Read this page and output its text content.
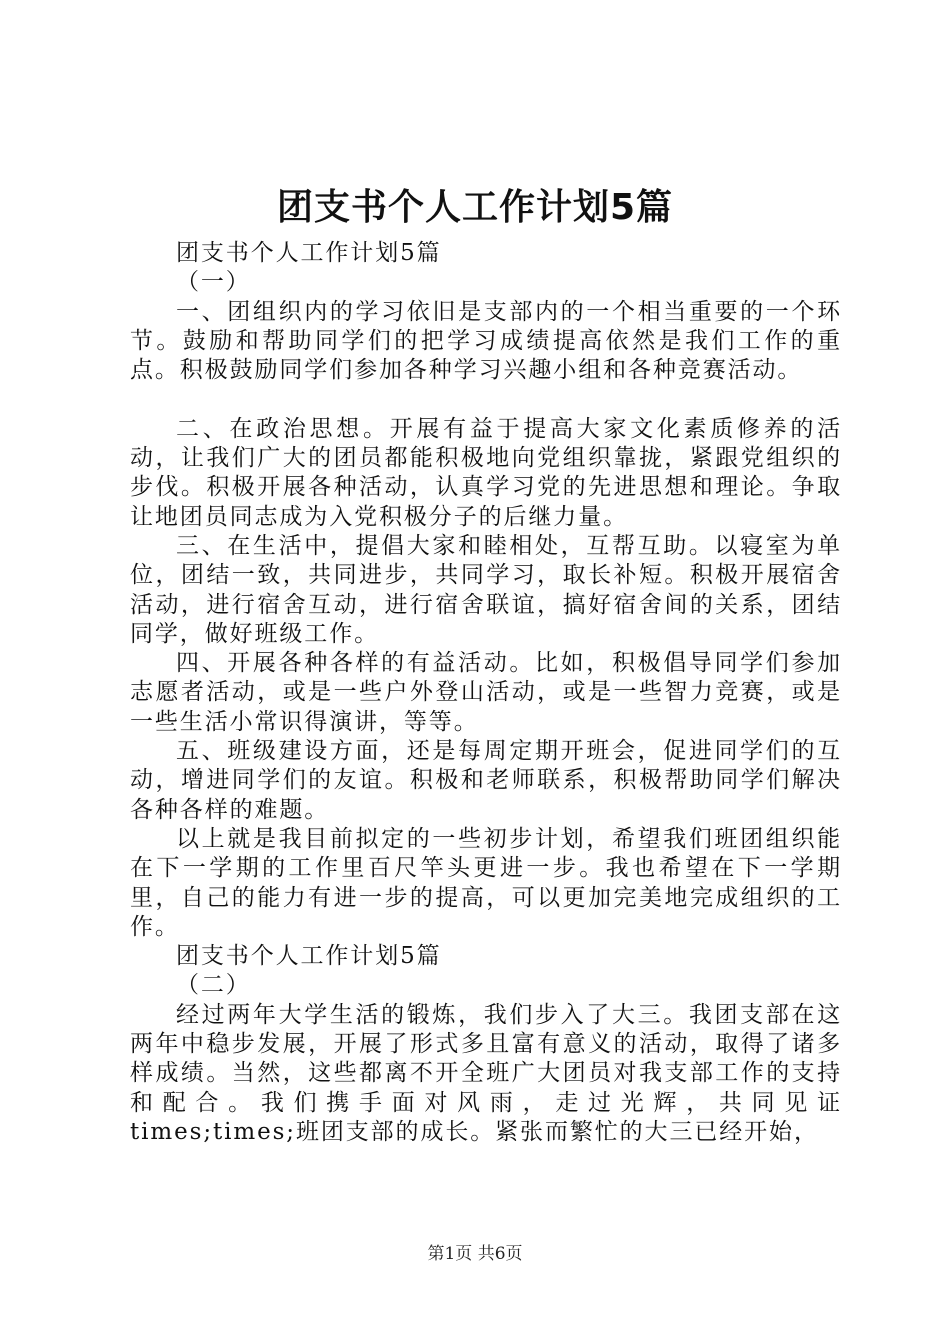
团支书个人工作计划5篇

团支书个人工作计划5篇

（一）

一、团组织内的学习依旧是支部内的一个相当重要的一个环节。鼓励和帮助同学们的把学习成绩提高依然是我们工作的重点。积极鼓励同学们参加各种学习兴趣小组和各种竞赛活动。

二、在政治思想。开展有益于提高大家文化素质修养的活动，让我们广大的团员都能积极地向党组织靠拢，紧跟党组织的步伐。积极开展各种活动，认真学习党的先进思想和理论。争取让地团员同志成为入党积极分子的后继力量。

三、在生活中，提倡大家和睦相处，互帮互助。以寝室为单位，团结一致，共同进步，共同学习，取长补短。积极开展宿舍活动，进行宿舍互动，进行宿舍联谊，搞好宿舍间的关系，团结同学，做好班级工作。

四、开展各种各样的有益活动。比如，积极倡导同学们参加志愿者活动，或是一些户外登山活动，或是一些智力竞赛，或是一些生活小常识得演讲，等等。

五、班级建设方面，还是每周定期开班会，促进同学们的互动，增进同学们的友谊。积极和老师联系，积极帮助同学们解决各种各样的难题。

以上就是我目前拟定的一些初步计划，希望我们班团组织能在下一学期的工作里百尺竿头更进一步。我也希望在下一学期里，自己的能力有进一步的提高，可以更加完美地完成组织的工作。

团支书个人工作计划5篇

（二）

经过两年大学生活的锻炼，我们步入了大三。我团支部在这两年中稳步发展，开展了形式多且富有意义的活动，取得了诸多样成绩。当然，这些都离不开全班广大团员对我支部工作的支持和配合。我们携手面对风雨，走过光辉，共同见证times;times;班团支部的成长。紧张而繁忙的大三已经开始，

第1页 共6页
